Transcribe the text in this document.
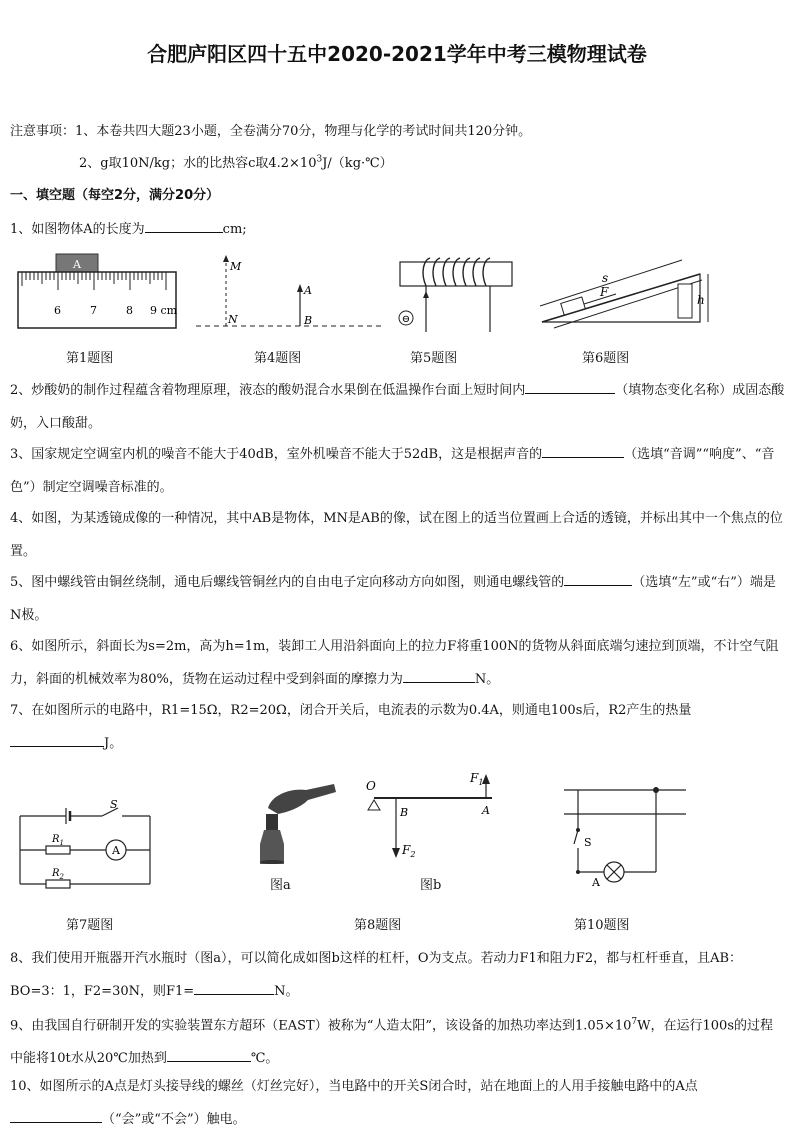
合肥庐阳区四十五中2020-2021学年中考三模物理试卷
注意事项：1、本卷共四大题23小题，全卷满分70分，物理与化学的考试时间共120分钟。
2、g取10N/kg；水的比热容c取$4.2\times 10^3J/(kg\cdot℃)$
一、填空题（每空2分，满分20分）
1、如图物体A的长度为	cm;
A
6	7	8 9 cm
M
N
A
B	⊖
s
F
h
第1题图	第4题图	第5题图	第6题图
2、炒酸奶的制作过程蕴含着物理原理，液态的酸奶混合水果倒在低温操作台面上短时间内	（填物态变化名称）成固态酸奶，入口酸甜。
3、国家规定空调室内机的噪音不能大于40dB，室外机噪音不能大于52dB，这是根据声音的	（选填“音调”“响度”、“音色”）制定空调噪音标准的。
4、如图，为某透镜成像的一种情况，其中AB是物体，MN是AB的像，试在图上的适当位置画上合适的透镜，并标出其中一个焦点的位置。
5、图中螺线管由铜丝绕制，通电后螺线管铜丝内的自由电子定向移动方向如图，则通电螺线管的	（选填“左”或“右”）端是N极。
6、如图所示，斜面长为s=2m，高为h=1m，装卸工人用沿斜面向上的拉力F将重100N的货物从斜面底端匀速拉到顶端，不计空气阻力，斜面的机械效率为80%，货物在运动过程中受到斜面的摩擦力为	N。
7、在如图所示的电路中，R1=15Ω，R2=20Ω，闭合开关后，电流表的示数为0.4A，则通电100s后，R2产生的热量
J。
S
$R_1$
$R_2$
A
图a
O
B
$F_2$
$F_1$
A
图b
S
A
第7题图	第8题图	第10题图
8、我们使用开瓶器开汽水瓶时（图a），可以简化成如图b这样的杠杆，O为支点。若动力F1和阻力F2，都与杠杆垂直，且AB：BO=3：1，F2=30N，则F1=	N。
9、由我国自行研制开发的实验装置东方超环（EAST）被称为“人造太阳”，该设备的加热功率达到$1.05\times 10^7W$，在运行100s的过程中能将10t水从20℃加热到	℃。
10、如图所示的A点是灯头接导线的螺丝（灯丝完好），当电路中的开关S闭合时，站在地面上的人用手接触电路中的A点（“会”或“不会”）触电。
